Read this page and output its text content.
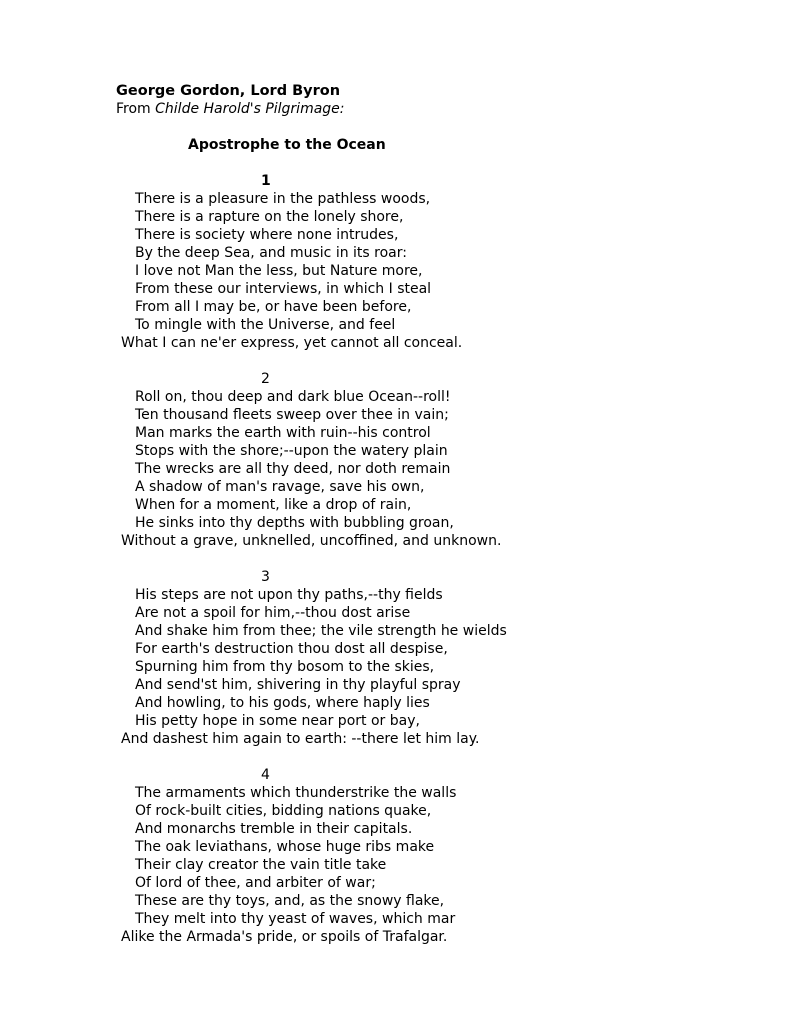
George Gordon, Lord Byron
From Childe Harold's Pilgrimage:
Apostrophe to the Ocean
1
There is a pleasure in the pathless woods,
There is a rapture on the lonely shore,
There is society where none intrudes,
By the deep Sea, and music in its roar:
I love not Man the less, but Nature more,
From these our interviews, in which I steal
From all I may be, or have been before,
To mingle with the Universe, and feel
What I can ne'er express, yet cannot all conceal.
2
Roll on, thou deep and dark blue Ocean--roll!
Ten thousand fleets sweep over thee in vain;
Man marks the earth with ruin--his control
Stops with the shore;--upon the watery plain
The wrecks are all thy deed, nor doth remain
A shadow of man's ravage, save his own,
When for a moment, like a drop of rain,
He sinks into thy depths with bubbling groan,
Without a grave, unknelled, uncoffined, and unknown.
3
His steps are not upon thy paths,--thy fields
Are not a spoil for him,--thou dost arise
And shake him from thee; the vile strength he wields
For earth's destruction thou dost all despise,
Spurning him from thy bosom to the skies,
And send'st him, shivering in thy playful spray
And howling, to his gods, where haply lies
His petty hope in some near port or bay,
And dashest him again to earth: --there let him lay.
4
The armaments which thunderstrike the walls
Of rock-built cities, bidding nations quake,
And monarchs tremble in their capitals.
The oak leviathans, whose huge ribs make
Their clay creator the vain title take
Of lord of thee, and arbiter of war;
These are thy toys, and, as the snowy flake,
They melt into thy yeast of waves, which mar
Alike the Armada's pride, or spoils of Trafalgar.
